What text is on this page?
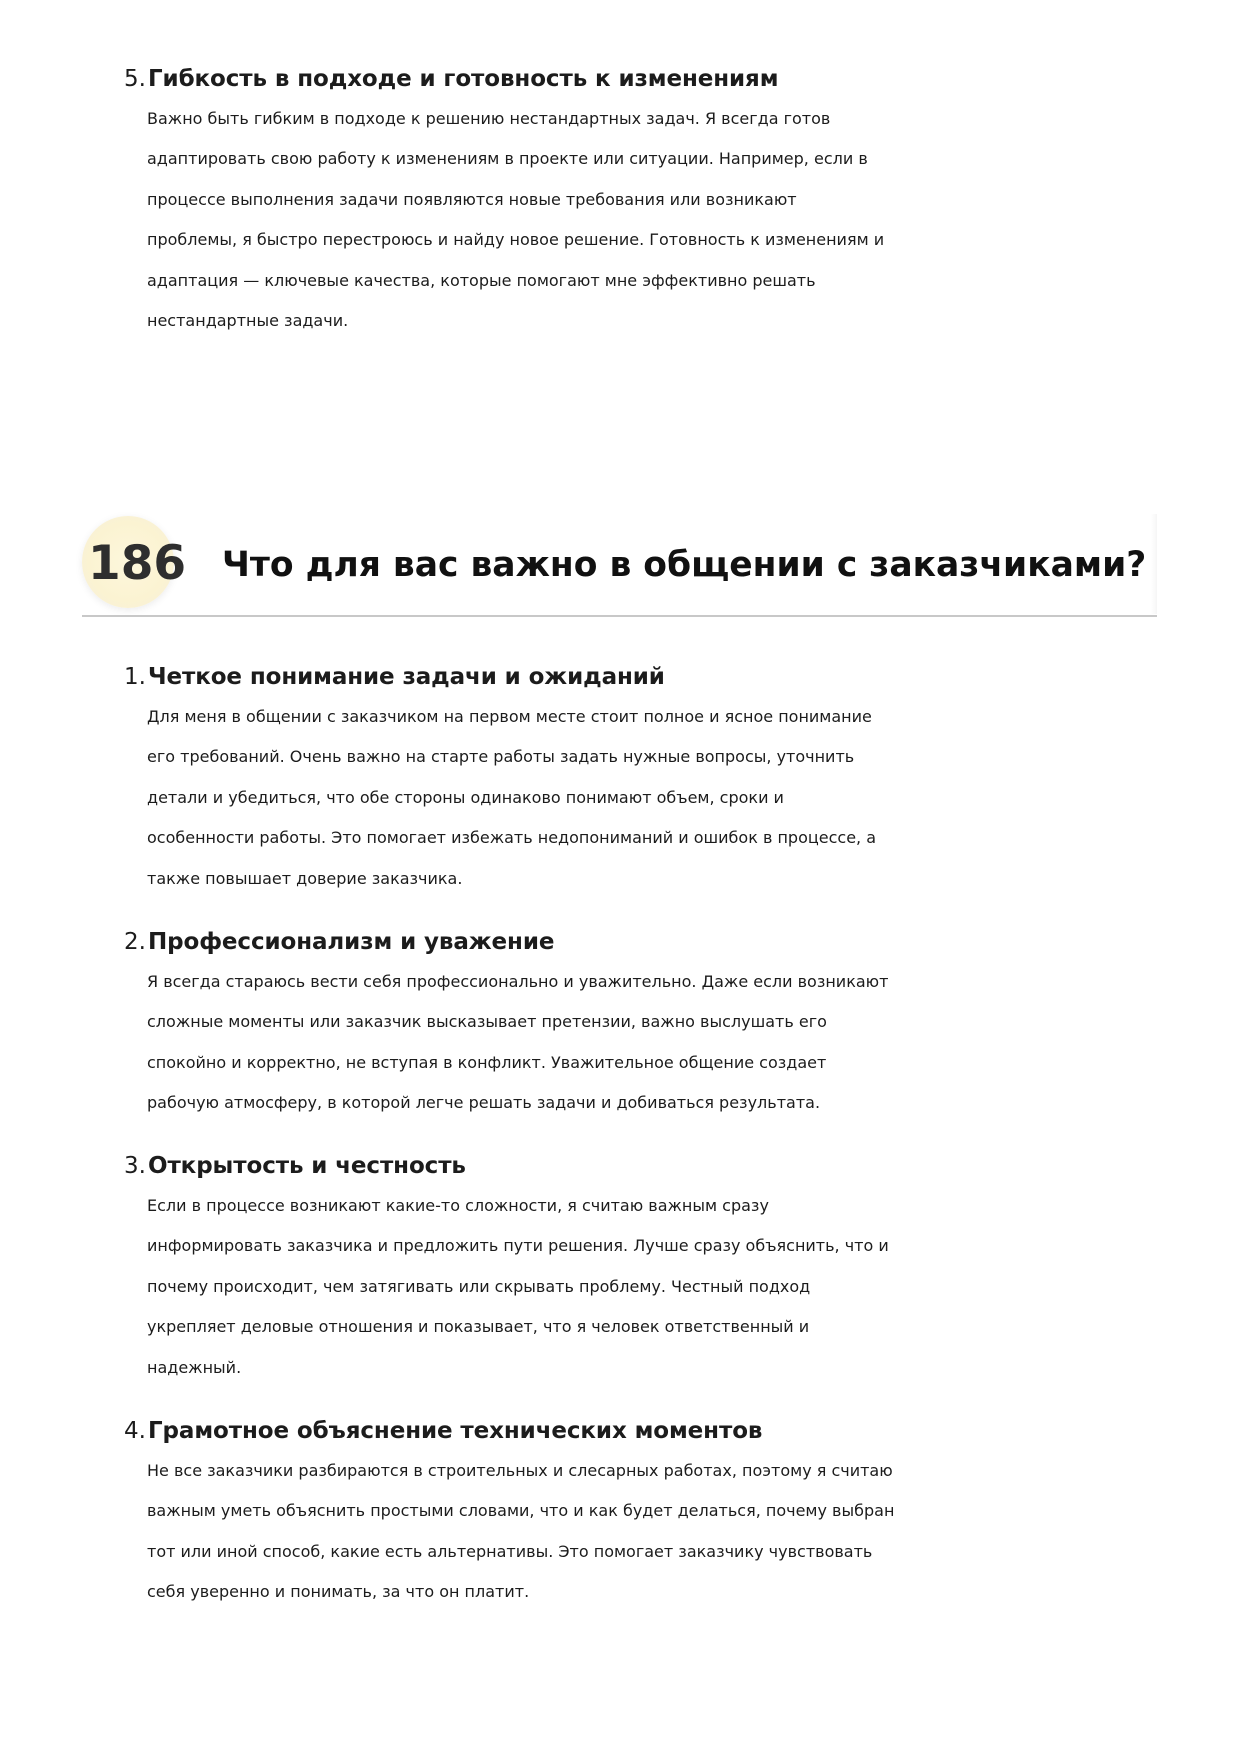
5. Гибкость в подходе и готовность к изменениям

Важно быть гибким в подходе к решению нестандартных задач. Я всегда готов
адаптировать свою работу к изменениям в проекте или ситуации. Например, если в
процессе выполнения задачи появляются новые требования или возникают
проблемы, я быстро перестроюсь и найду новое решение. Готовность к изменениям и
адаптация — ключевые качества, которые помогают мне эффективно решать
нестандартные задачи.

186 Что для вас важно в общении с заказчиками?
1. Четкое понимание задачи и ожиданий

Для меня в общении с заказчиком на первом месте стоит полное и ясное понимание
его требований. Очень важно на старте работы задать нужные вопросы, уточнить
детали и убедиться, что обе стороны одинаково понимают объем, сроки и
особенности работы. Это помогает избежать недопониманий и ошибок в процессе, а
также повышает доверие заказчика.

2. Профессионализм и уважение

Я всегда стараюсь вести себя профессионально и уважительно. Даже если возникают
сложные моменты или заказчик высказывает претензии, важно выслушать его
спокойно и корректно, не вступая в конфликт. Уважительное общение создает
рабочую атмосферу, в которой легче решать задачи и добиваться результата.

3. Открытость и честность

Если в процессе возникают какие-то сложности, я считаю важным сразу
информировать заказчика и предложить пути решения. Лучше сразу объяснить, что и
почему происходит, чем затягивать или скрывать проблему. Честный подход
укрепляет деловые отношения и показывает, что я человек ответственный и
надежный.

4. Грамотное объяснение технических моментов

Не все заказчики разбираются в строительных и слесарных работах, поэтому я считаю
важным уметь объяснить простыми словами, что и как будет делаться, почему выбран
тот или иной способ, какие есть альтернативы. Это помогает заказчику чувствовать
себя уверенно и понимать, за что он платит.
